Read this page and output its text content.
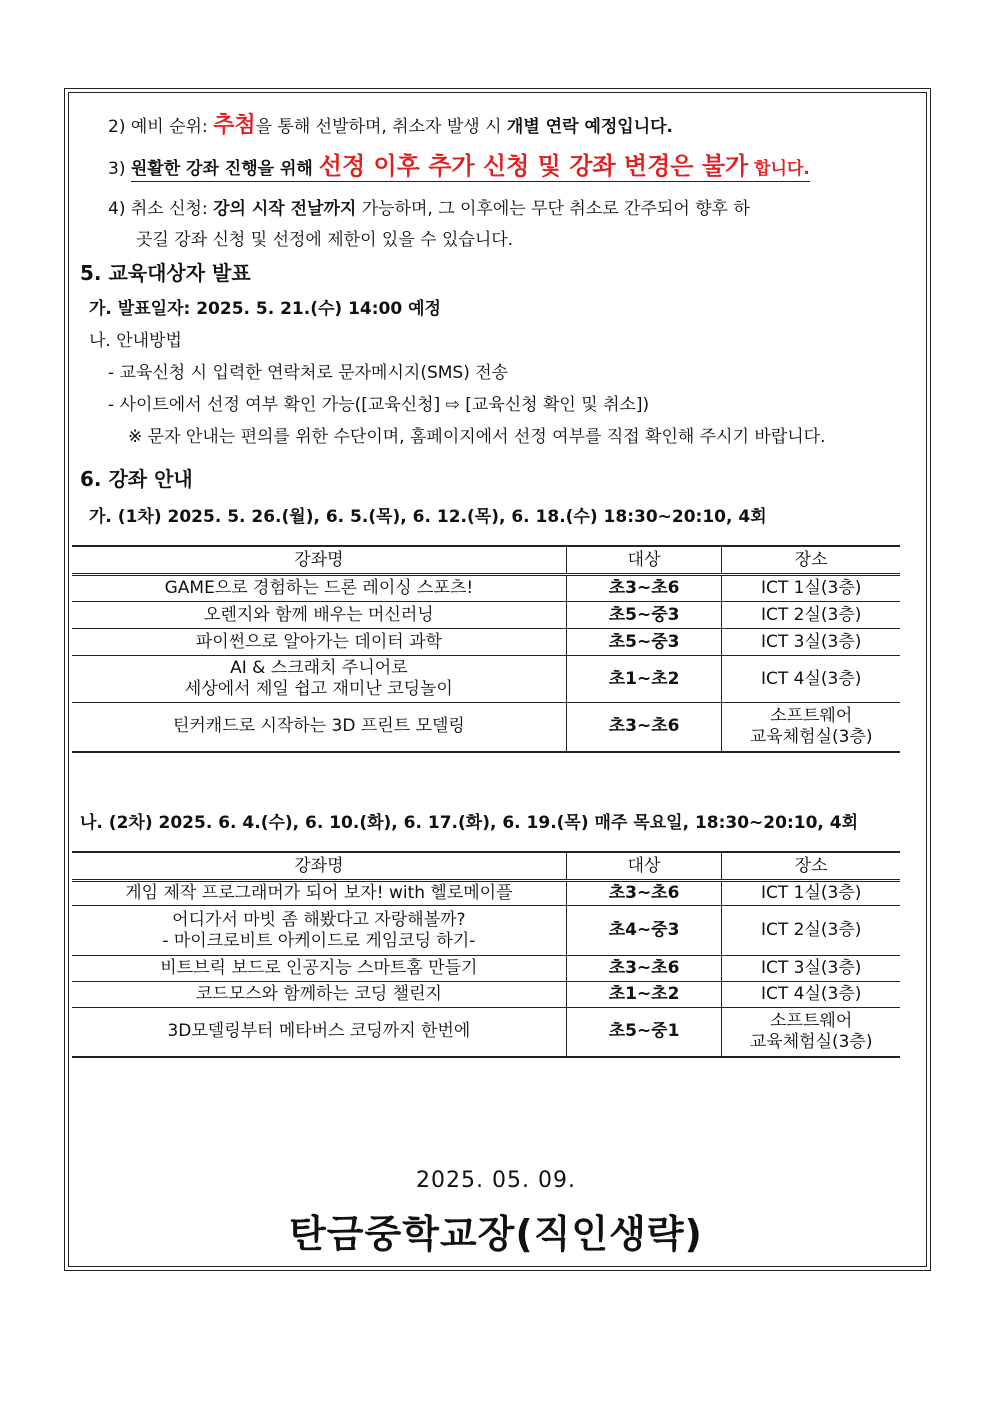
2) 예비 순위: 추첨을 통해 선발하며, 취소자 발생 시 개별 연락 예정입니다.
3) 원활한 강좌 진행을 위해 선정 이후 추가 신청 및 강좌 변경은 불가 합니다.
4) 취소 신청: 강의 시작 전날까지 가능하며, 그 이후에는 무단 취소로 간주되어 향후 하
곳길 강좌 신청 및 선정에 제한이 있을 수 있습니다.
5. 교육대상자 발표
가. 발표일자: 2025. 5. 21.(수) 14:00 예정
나. 안내방법
- 교육신청 시 입력한 연락처로 문자메시지(SMS) 전송
- 사이트에서 선정 여부 확인 가능([교육신청] ⇨ [교육신청 확인 및 취소])
※ 문자 안내는 편의를 위한 수단이며, 홈페이지에서 선정 여부를 직접 확인해 주시기 바랍니다.
6. 강좌 안내
가. (1차) 2025. 5. 26.(월), 6. 5.(목), 6. 12.(목), 6. 18.(수) 18:30~20:10, 4회
강좌명	대상	장소
GAME으로 경험하는 드론 레이싱 스포츠!	초3~초6	ICT 1실(3층)
오렌지와 함께 배우는 머신러닝	초5~중3	ICT 2실(3층)
파이썬으로 알아가는 데이터 과학	초5~중3	ICT 3실(3층)

AI & 스크래치 주니어로
세상에서 제일 쉽고 재미난 코딩놀이	초1~초2	ICT 4실(3층)
틴커캐드로 시작하는 3D 프린트 모델링	초3~초6	소프트웨어
교육체험실(3층)
나. (2차) 2025. 6. 4.(수), 6. 10.(화), 6. 17.(화), 6. 19.(목) 매주 목요일, 18:30~20:10, 4회
강좌명	대상	장소
게임 제작 프로그래머가 되어 보자! with 헬로메이플	초3~초6	ICT 1실(3층)

어디가서 마빗 좀 해봤다고 자랑해볼까?
- 마이크로비트 아케이드로 게임코딩 하기-	초4~중3	ICT 2실(3층)
비트브릭 보드로 인공지능 스마트홈 만들기	초3~초6	ICT 3실(3층)
코드모스와 함께하는 코딩 챌린지	초1~초2	ICT 4실(3층)
3D모델링부터 메타버스 코딩까지 한번에	초5~중1	소프트웨어
교육체험실(3층)
2025. 05. 09.
탄금중학교장(직인생략)
